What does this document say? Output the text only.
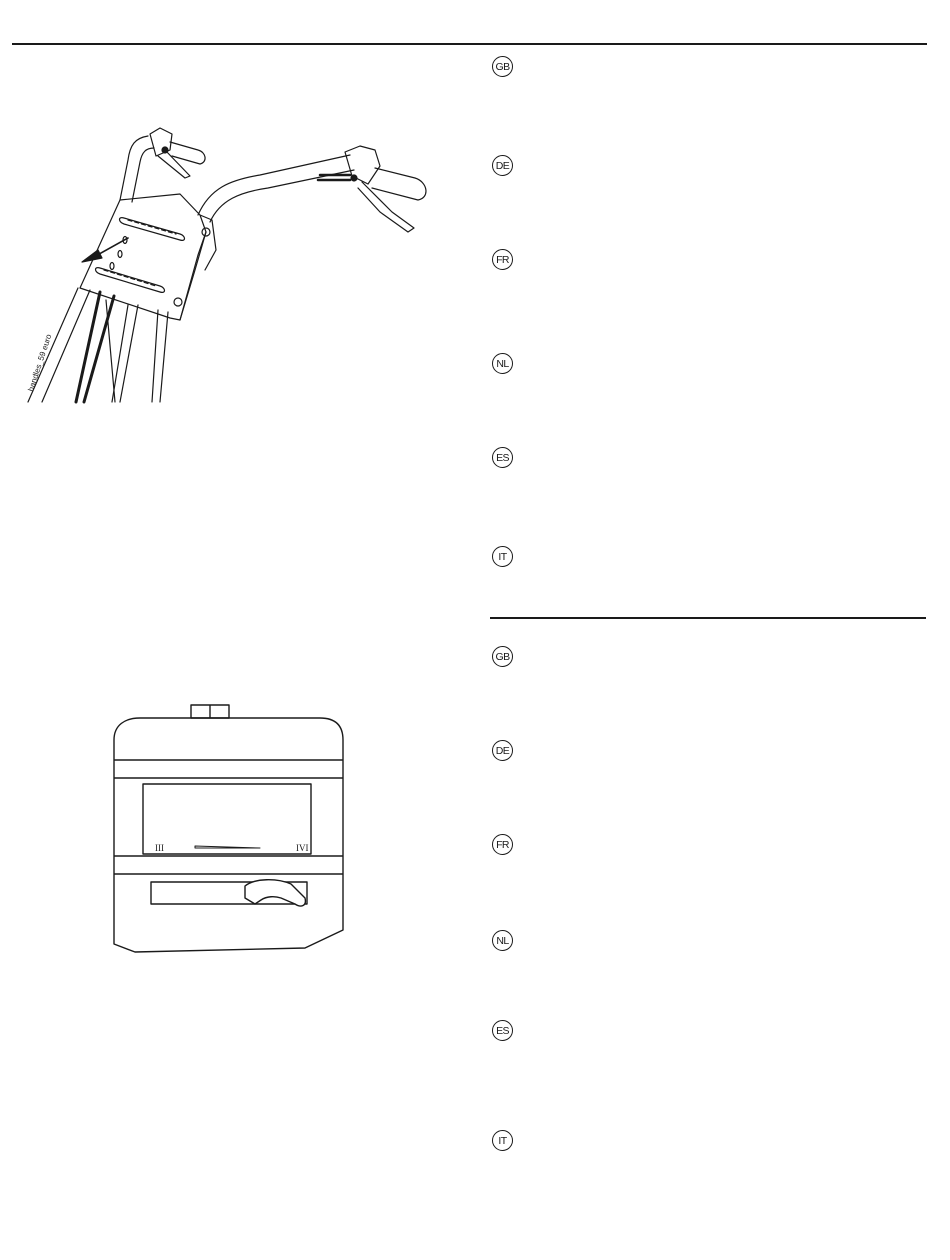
handles_59 euro
III	IVI
GB
DE
FR
NL
ES
IT
GB
DE
FR
NL
ES
IT
